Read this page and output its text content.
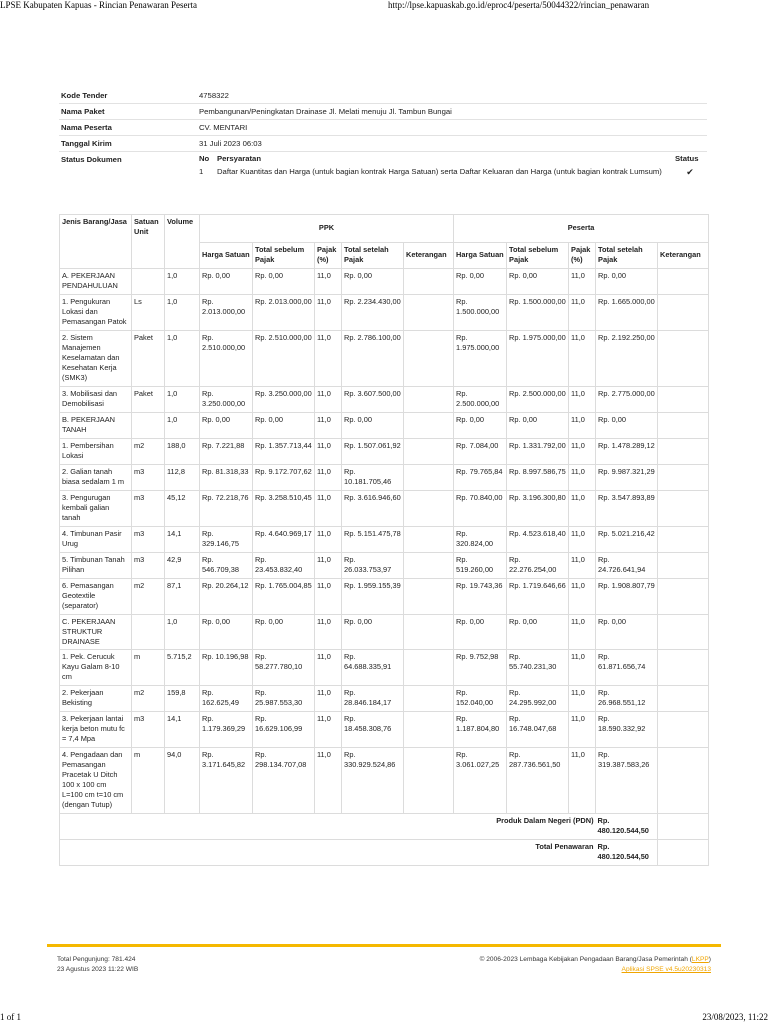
LPSE Kabupaten Kapuas - Rincian Penawaran Peserta	http://lpse.kapuaskab.go.id/eproc4/peserta/50044322/rincian_penawaran
Kode Tender	4758322
Nama Paket	Pembangunan/Peningkatan Drainase Jl. Melati menuju Jl. Tambun Bungai
Nama Peserta	CV. MENTARI
Tanggal Kirim	31 Juli 2023 06:03
Status Dokumen		No	Persyaratan	Status
1	Daftar Kuantitas dan Harga (untuk bagian kontrak Harga Satuan) serta Daftar Keluaran dan Harga (untuk bagian kontrak Lumsum)	✔
Jenis Barang/Jasa	Satuan Unit	Volume	PPK					Peserta				
			Harga Satuan	Total sebelum Pajak	Pajak (%)	Total setelah Pajak	Keterangan	Harga Satuan	Total sebelum Pajak	Pajak (%)	Total setelah Pajak	Keterangan
A. PEKERJAAN PENDAHULUAN		1,0	Rp. 0,00	Rp. 0,00	11,0	Rp. 0,00		Rp. 0,00	Rp. 0,00	11,0	Rp. 0,00	
1. Pengukuran Lokasi dan Pemasangan Patok	Ls	1,0	Rp. 2.013.000,00	Rp. 2.013.000,00	11,0	Rp. 2.234.430,00		Rp. 1.500.000,00	Rp. 1.500.000,00	11,0	Rp. 1.665.000,00	
2. Sistem Manajemen Keselamatan dan Kesehatan Kerja (SMK3)	Paket	1,0	Rp. 2.510.000,00	Rp. 2.510.000,00	11,0	Rp. 2.786.100,00		Rp. 1.975.000,00	Rp. 1.975.000,00	11,0	Rp. 2.192.250,00	
3. Mobilisasi dan Demobilisasi	Paket	1,0	Rp. 3.250.000,00	Rp. 3.250.000,00	11,0	Rp. 3.607.500,00		Rp. 2.500.000,00	Rp. 2.500.000,00	11,0	Rp. 2.775.000,00	
B. PEKERJAAN TANAH		1,0	Rp. 0,00	Rp. 0,00	11,0	Rp. 0,00		Rp. 0,00	Rp. 0,00	11,0	Rp. 0,00	
1. Pembersihan Lokasi	m2	188,0	Rp. 7.221,88	Rp. 1.357.713,44	11,0	Rp. 1.507.061,92		Rp. 7.084,00	Rp. 1.331.792,00	11,0	Rp. 1.478.289,12	
2. Galian tanah biasa sedalam 1 m	m3	112,8	Rp. 81.318,33	Rp. 9.172.707,62	11,0	Rp. 10.181.705,46		Rp. 79.765,84	Rp. 8.997.586,75	11,0	Rp. 9.987.321,29	
3. Pengurugan kembali galian tanah	m3	45,12	Rp. 72.218,76	Rp. 3.258.510,45	11,0	Rp. 3.616.946,60		Rp. 70.840,00	Rp. 3.196.300,80	11,0	Rp. 3.547.893,89	
4. Timbunan Pasir Urug	m3	14,1	Rp. 329.146,75	Rp. 4.640.969,17	11,0	Rp. 5.151.475,78		Rp. 320.824,00	Rp. 4.523.618,40	11,0	Rp. 5.021.216,42	
5. Timbunan Tanah Pilihan	m3	42,9	Rp. 546.709,38	Rp. 23.453.832,40	11,0	Rp. 26.033.753,97		Rp. 519.260,00	Rp. 22.276.254,00	11,0	Rp. 24.726.641,94	
6. Pemasangan Geotextile (separator)	m2	87,1	Rp. 20.264,12	Rp. 1.765.004,85	11,0	Rp. 1.959.155,39		Rp. 19.743,36	Rp. 1.719.646,66	11,0	Rp. 1.908.807,79	
C. PEKERJAAN STRUKTUR DRAINASE		1,0	Rp. 0,00	Rp. 0,00	11,0	Rp. 0,00		Rp. 0,00	Rp. 0,00	11,0	Rp. 0,00	
1. Pek. Cerucuk Kayu Galam 8-10 cm	m	5.715,2	Rp. 10.196,98	Rp. 58.277.780,10	11,0	Rp. 64.688.335,91		Rp. 9.752,98	Rp. 55.740.231,30	11,0	Rp. 61.871.656,74	
2. Pekerjaan Bekisting	m2	159,8	Rp. 162.625,49	Rp. 25.987.553,30	11,0	Rp. 28.846.184,17		Rp. 152.040,00	Rp. 24.295.992,00	11,0	Rp. 26.968.551,12	
3. Pekerjaan lantai kerja beton mutu fc = 7,4 Mpa	m3	14,1	Rp. 1.179.369,29	Rp. 16.629.106,99	11,0	Rp. 18.458.308,76		Rp. 1.187.804,80	Rp. 16.748.047,68	11,0	Rp. 18.590.332,92	
4. Pengadaan dan Pemasangan Pracetak U Ditch 100 x 100 cm L=100 cm t=10 cm (dengan Tutup)	m	94,0	Rp. 3.171.645,82	Rp. 298.134.707,08	11,0	Rp. 330.929.524,86		Rp. 3.061.027,25	Rp. 287.736.561,50	11,0	Rp. 319.387.583,26	
Produk Dalam Negeri (PDN)											Rp. 480.120.544,50	
Total Penawaran											Rp. 480.120.544,50	
Total Pengunjung: 781.424
23 Agustus 2023 11:22 WIB
© 2006-2023 Lembaga Kebijakan Pengadaan Barang/Jasa Pemerintah (LKPP)
Aplikasi SPSE v4.5u20230313
1 of 1	23/08/2023, 11:22
